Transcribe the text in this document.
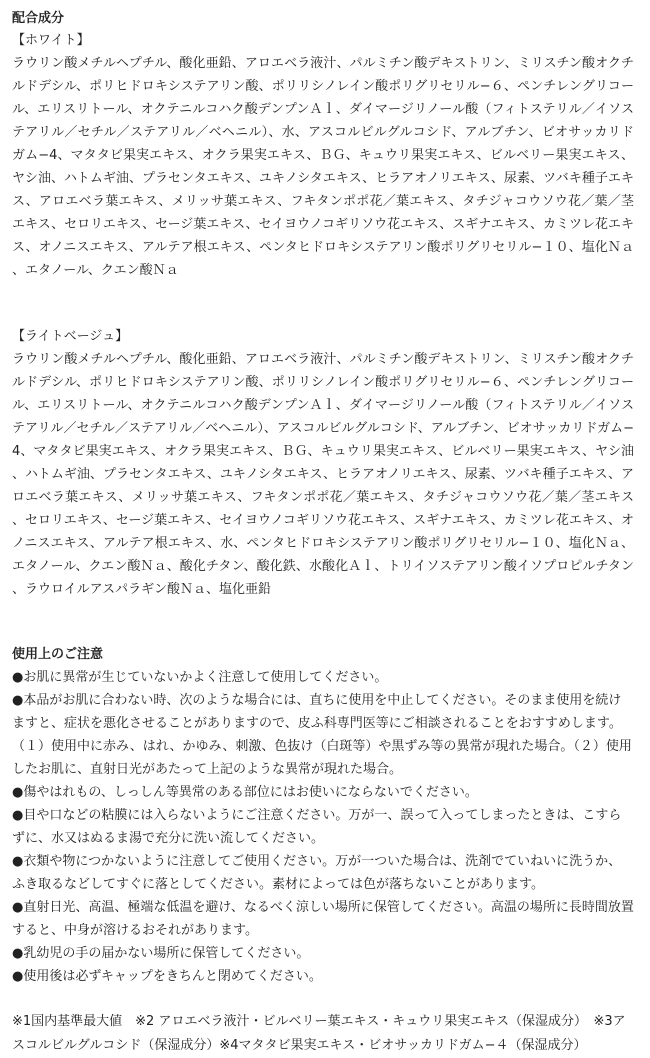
配合成分
【ホワイト】

ラウリン酸メチルヘプチル、酸化亜鉛、アロエベラ液汁、パルミチン酸デキストリン、ミリスチン酸オクチルドデシル、ポリヒドロキシステアリン酸、ポリリシノレイン酸ポリグリセリル−６、ペンチレングリコール、エリスリトール、オクテニルコハク酸デンプンＡｌ、ダイマージリノール酸（フィトステリル／イソステアリル／セチル／ステアリル／ベヘニル）、水、アスコルビルグルコシド、アルブチン、ビオサッカリドガム−4、マタタビ果実エキス、オクラ果実エキス、ＢＧ、キュウリ果実エキス、ビルベリー果実エキス、ヤシ油、ハトムギ油、プラセンタエキス、ユキノシタエキス、ヒラアオノリエキス、尿素、ツバキ種子エキス、アロエベラ葉エキス、メリッサ葉エキス、フキタンポポ花／葉エキス、タチジャコウソウ花／葉／茎エキス、セロリエキス、セージ葉エキス、セイヨウノコギリソウ花エキス、スギナエキス、カミツレ花エキス、オノニスエキス、アルテア根エキス、ペンタヒドロキシステアリン酸ポリグリセリル−１０、塩化Ｎａ、エタノール、クエン酸Ｎａ

【ライトベージュ】

ラウリン酸メチルヘプチル、酸化亜鉛、アロエベラ液汁、パルミチン酸デキストリン、ミリスチン酸オクチルドデシル、ポリヒドロキシステアリン酸、ポリリシノレイン酸ポリグリセリル−６、ペンチレングリコール、エリスリトール、オクテニルコハク酸デンプンＡｌ、ダイマージリノール酸（フィトステリル／イソステアリル／セチル／ステアリル／ベヘニル）、アスコルビルグルコシド、アルブチン、ビオサッカリドガム−4、マタタビ果実エキス、オクラ果実エキス、ＢＧ、キュウリ果実エキス、ビルベリー果実エキス、ヤシ油、ハトムギ油、プラセンタエキス、ユキノシタエキス、ヒラアオノリエキス、尿素、ツバキ種子エキス、アロエベラ葉エキス、メリッサ葉エキス、フキタンポポ花／葉エキス、タチジャコウソウ花／葉／茎エキス、セロリエキス、セージ葉エキス、セイヨウノコギリソウ花エキス、スギナエキス、カミツレ花エキス、オノニスエキス、アルテア根エキス、水、ペンタヒドロキシステアリン酸ポリグリセリル−１０、塩化Ｎａ、エタノール、クエン酸Ｎａ、酸化チタン、酸化鉄、水酸化Ａｌ、トリイソステアリン酸イソプロピルチタン、ラウロイルアスパラギン酸Ｎａ、塩化亜鉛

使用上のご注意

●お肌に異常が生じていないかよく注意して使用してください。

●本品がお肌に合わない時、次のような場合には、直ちに使用を中止してください。そのまま使用を続けますと、症状を悪化させることがありますので、皮ふ科専門医等にご相談されることをおすすめします。

（１）使用中に赤み、はれ、かゆみ、刺激、色抜け（白斑等）や黒ずみ等の異常が現れた場合。（２）使用したお肌に、直射日光があたって上記のような異常が現れた場合。

●傷やはれもの、しっしん等異常のある部位にはお使いにならないでください。

●目や口などの粘膜には入らないようにご注意ください。万が一、誤って入ってしまったときは、こすらずに、水又はぬるま湯で充分に洗い流してください。

●衣類や物につかないように注意してご使用ください。万が一ついた場合は、洗剤でていねいに洗うか、ふき取るなどしてすぐに落としてください。素材によっては色が落ちないことがあります。

●直射日光、高温、極端な低温を避け、なるべく涼しい場所に保管してください。高温の場所に長時間放置すると、中身が溶けるおそれがあります。

●乳幼児の手の届かない場所に保管してください。

●使用後は必ずキャップをきちんと閉めてください。

※1国内基準最大値　※2 アロエベラ液汁・ビルベリー葉エキス・キュウリ果実エキス（保湿成分）　※3アスコルビルグルコシド（保湿成分）※4マタタビ果実エキス・ビオサッカリドガム−４（保湿成分）
